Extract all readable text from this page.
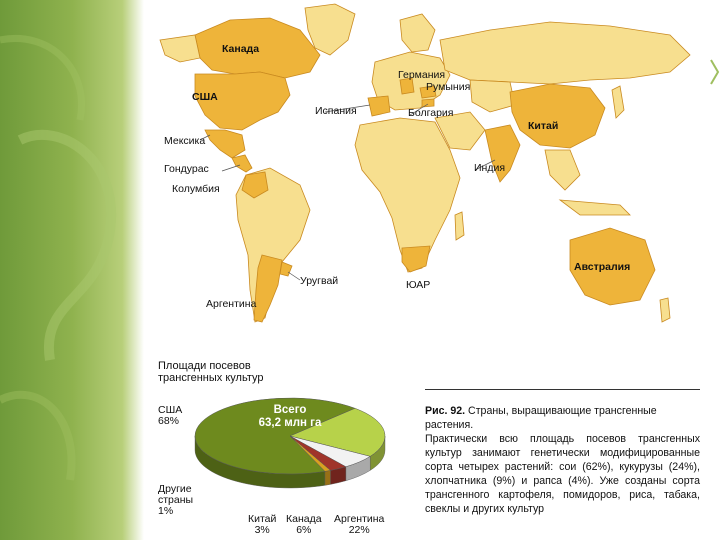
Канада
США
Мексика
Гондурас
Колумбия
Уругвай
Аргентина
Испания
Германия
Румыния
Болгария
Индия
Китай
ЮАР
Австралия
Площади посевов
трансгенных культур
Всего
63,2 млн га
США
68%
Другие
страны
1%
Китай
3%
Канада
6%
Аргентина
22%
Рис. 92. Страны, выращивающие трансгенные растения.
Практически всю площадь посевов трансгенных культур занимают генетически модифицированные сорта четырех растений: сои (62%), кукурузы (24%), хлопчатника (9%) и рапса (4%). Уже созданы сорта трансгенного картофеля, помидоров, риса, табака, свеклы и других культур
